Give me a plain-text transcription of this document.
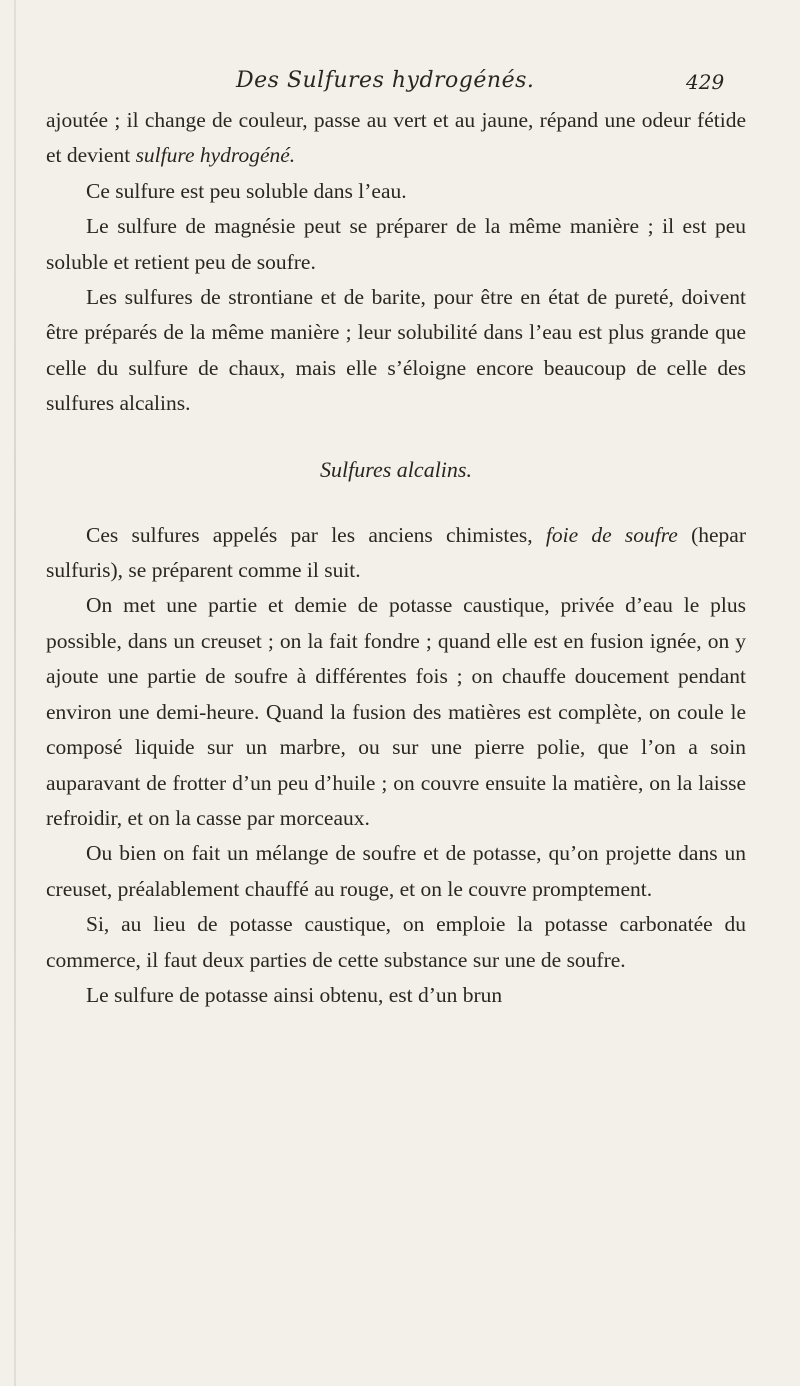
Des Sulfures hydrogénés.	429

ajoutée ; il change de couleur, passe au vert et au jaune, répand une odeur fétide et devient sulfure hydrogéné.

Ce sulfure est peu soluble dans l’eau.

Le sulfure de magnésie peut se préparer de la même manière ; il est peu soluble et retient peu de soufre.

Les sulfures de strontiane et de barite, pour être en état de pureté, doivent être préparés de la même manière ; leur solubilité dans l’eau est plus grande que celle du sulfure de chaux, mais elle s’éloigne encore beaucoup de celle des sulfures alcalins.

Sulfures alcalins.

Ces sulfures appelés par les anciens chimistes, foie de soufre (hepar sulfuris), se préparent comme il suit.

On met une partie et demie de potasse caustique, privée d’eau le plus possible, dans un creuset ; on la fait fondre ; quand elle est en fusion ignée, on y ajoute une partie de soufre à différentes fois ; on chauffe doucement pendant environ une demi-heure. Quand la fusion des matières est complète, on coule le composé liquide sur un marbre, ou sur une pierre polie, que l’on a soin auparavant de frotter d’un peu d’huile ; on couvre ensuite la matière, on la laisse refroidir, et on la casse par morceaux.

Ou bien on fait un mélange de soufre et de potasse, qu’on projette dans un creuset, préalablement chauffé au rouge, et on le couvre promptement.

Si, au lieu de potasse caustique, on emploie la potasse carbonatée du commerce, il faut deux parties de cette substance sur une de soufre.

Le sulfure de potasse ainsi obtenu, est d’un brun
